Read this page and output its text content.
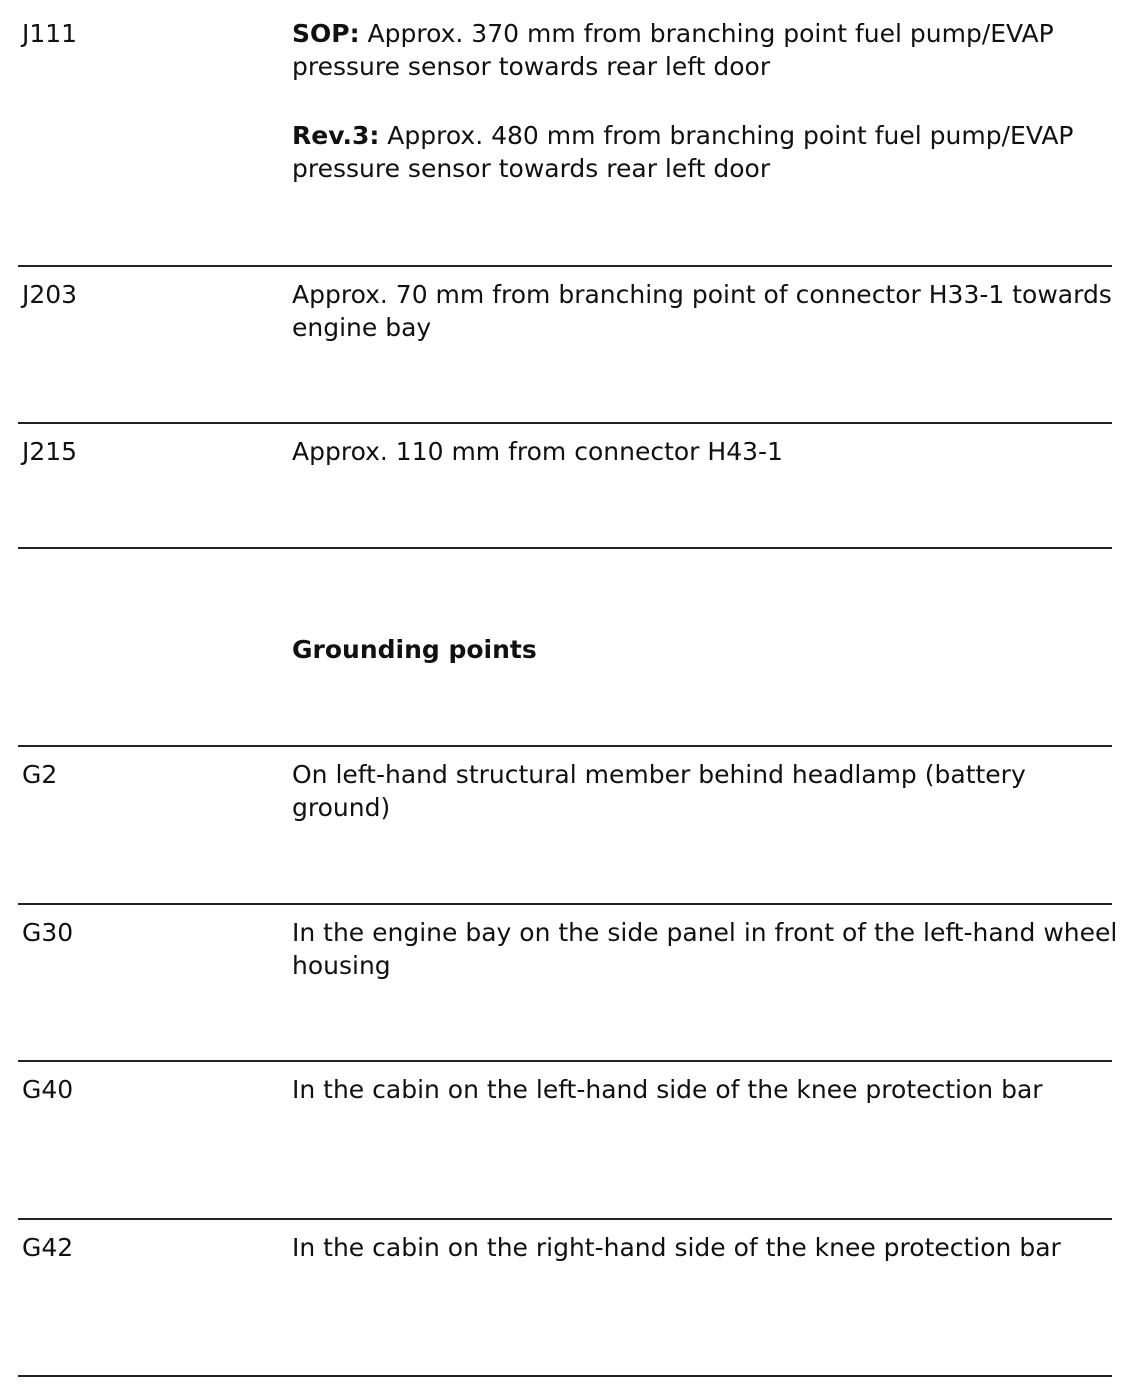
J111	SOP: Approx. 370 mm from branching point fuel pump/EVAP pressure sensor towards rear left door

Rev.3: Approx. 480 mm from branching point fuel pump/EVAP pressure sensor towards rear left door

J203	Approx. 70 mm from branching point of connector H33-1 towards engine bay
J215	Approx. 110 mm from connector H43-1
Grounding points
G2	On left-hand structural member behind headlamp (battery ground)
G30	In the engine bay on the side panel in front of the left-hand wheel housing
G40	In the cabin on the left-hand side of the knee protection bar
G42	In the cabin on the right-hand side of the knee protection bar
